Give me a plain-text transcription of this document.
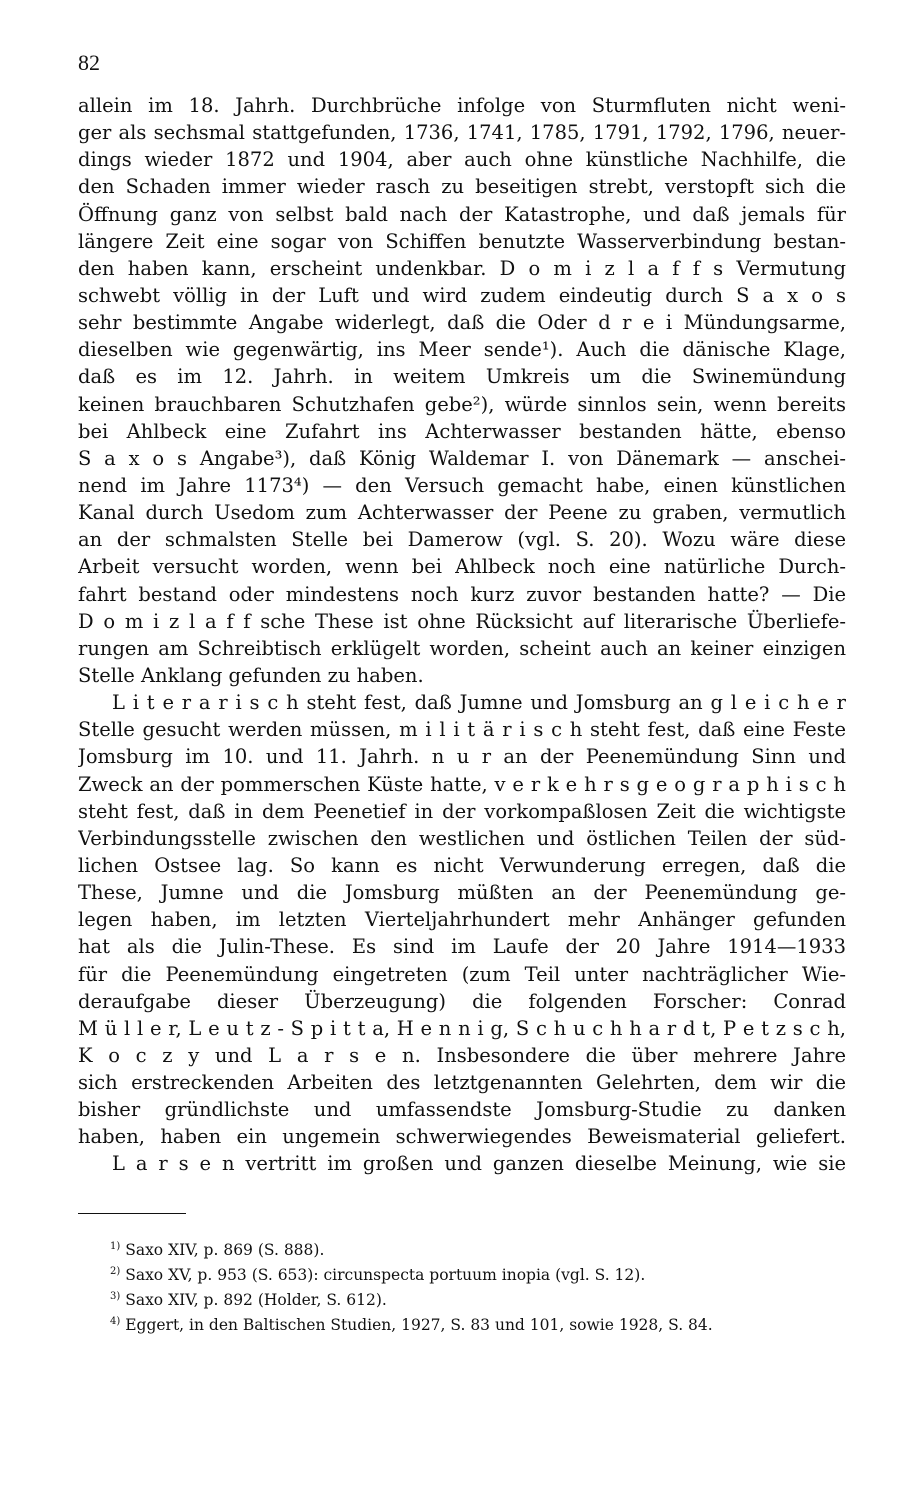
82
allein im 18. Jahrh. Durchbrüche infolge von Sturmfluten nicht weni-
ger als sechsmal stattgefunden, 1736, 1741, 1785, 1791, 1792, 1796, neuer-
dings wieder 1872 und 1904, aber auch ohne künstliche Nachhilfe, die
den Schaden immer wieder rasch zu beseitigen strebt, verstopft sich die
Öffnung ganz von selbst bald nach der Katastrophe, und daß jemals für
längere Zeit eine sogar von Schiffen benutzte Wasserverbindung bestan-
den haben kann, erscheint undenkbar. D o m i z l a f f s Vermutung
schwebt völlig in der Luft und wird zudem eindeutig durch S a x o s
sehr bestimmte Angabe widerlegt, daß die Oder d r e i Mündungsarme,
dieselben wie gegenwärtig, ins Meer sende¹). Auch die dänische Klage,
daß es im 12. Jahrh. in weitem Umkreis um die Swinemündung
keinen brauchbaren Schutzhafen gebe²), würde sinnlos sein, wenn bereits
bei Ahlbeck eine Zufahrt ins Achterwasser bestanden hätte, ebenso
S a x o s Angabe³), daß König Waldemar I. von Dänemark — anschei-
nend im Jahre 1173⁴) — den Versuch gemacht habe, einen künstlichen
Kanal durch Usedom zum Achterwasser der Peene zu graben, vermutlich
an der schmalsten Stelle bei Damerow (vgl. S. 20). Wozu wäre diese
Arbeit versucht worden, wenn bei Ahlbeck noch eine natürliche Durch-
fahrt bestand oder mindestens noch kurz zuvor bestanden hatte? — Die
D o m i z l a f f sche These ist ohne Rücksicht auf literarische Überliefe-
rungen am Schreibtisch erklügelt worden, scheint auch an keiner einzigen
Stelle Anklang gefunden zu haben.
L i t e r a r i s c h steht fest, daß Jumne und Jomsburg an g l e i c h e r
Stelle gesucht werden müssen, m i l i t ä r i s c h steht fest, daß eine Feste
Jomsburg im 10. und 11. Jahrh. n u r an der Peenemündung Sinn und
Zweck an der pommerschen Küste hatte, v e r k e h r s g e o g r a p h i s c h
steht fest, daß in dem Peenetief in der vorkompaßlosen Zeit die wichtigste
Verbindungsstelle zwischen den westlichen und östlichen Teilen der süd-
lichen Ostsee lag. So kann es nicht Verwunderung erregen, daß die
These, Jumne und die Jomsburg müßten an der Peenemündung ge-
legen haben, im letzten Vierteljahrhundert mehr Anhänger gefunden
hat als die Julin-These. Es sind im Laufe der 20 Jahre 1914—1933
für die Peenemündung eingetreten (zum Teil unter nachträglicher Wie-
deraufgabe dieser Überzeugung) die folgenden Forscher: Conrad
M ü l l e r, L e u t z - S p i t t a, H e n n i g, S c h u c h h a r d t, P e t z s c h,
K o c z y und L a r s e n. Insbesondere die über mehrere Jahre
sich erstreckenden Arbeiten des letztgenannten Gelehrten, dem wir die
bisher gründlichste und umfassendste Jomsburg-Studie zu danken
haben, haben ein ungemein schwerwiegendes Beweismaterial geliefert.
L a r s e n vertritt im großen und ganzen dieselbe Meinung, wie sie
$^{1)}$ Saxo XIV, p. 869 (S. 888).
$^{2)}$ Saxo XV, p. 953 (S. 653): circunspecta portuum inopia (vgl. S. 12).
$^{3)}$ Saxo XIV, p. 892 (Holder, S. 612).
$^{4)}$ Eggert, in den Baltischen Studien, 1927, S. 83 und 101, sowie 1928, S. 84.
